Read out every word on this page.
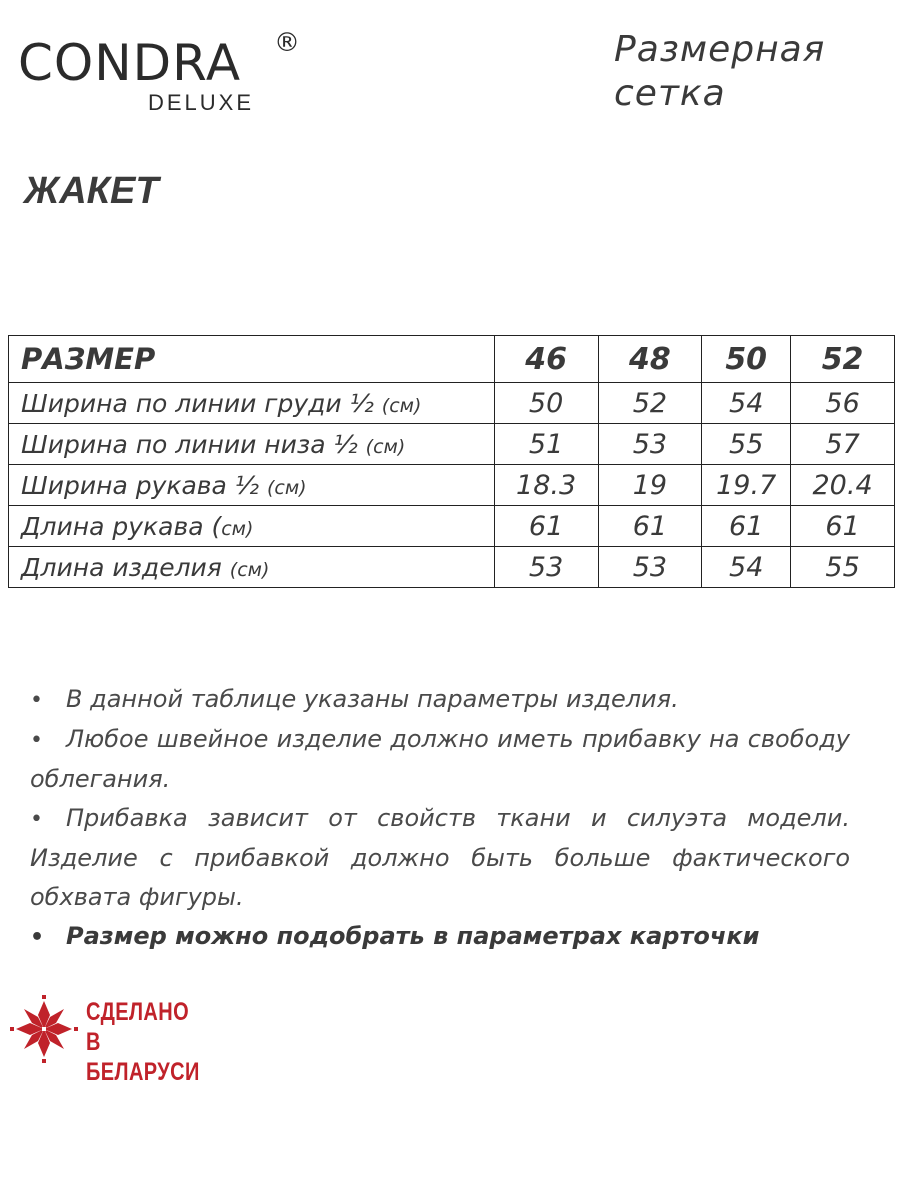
CONDRA ®
DELUXE
Размерная
сетка
ЖАКЕТ
РАЗМЕР	46	48	50	52
Ширина по линии груди ½ (см)	50	52	54	56
Ширина по линии низа ½ (см)	51	53	55	57
Ширина рукава ½ (см)	18.3	19	19.7	20.4
Длина рукава (см)	61	61	61	61
Длина изделия (см)	53	53	54	55

• В данной таблице указаны параметры изделия.

• Любое швейное изделие должно иметь прибавку на свободу облегания.

• Прибавка зависит от свойств ткани и силуэта модели. Изделие с прибавкой должно быть больше фактического обхвата фигуры.

• Размер можно подобрать в параметрах карточки

СДЕЛАНО
В БЕЛАРУСИ
